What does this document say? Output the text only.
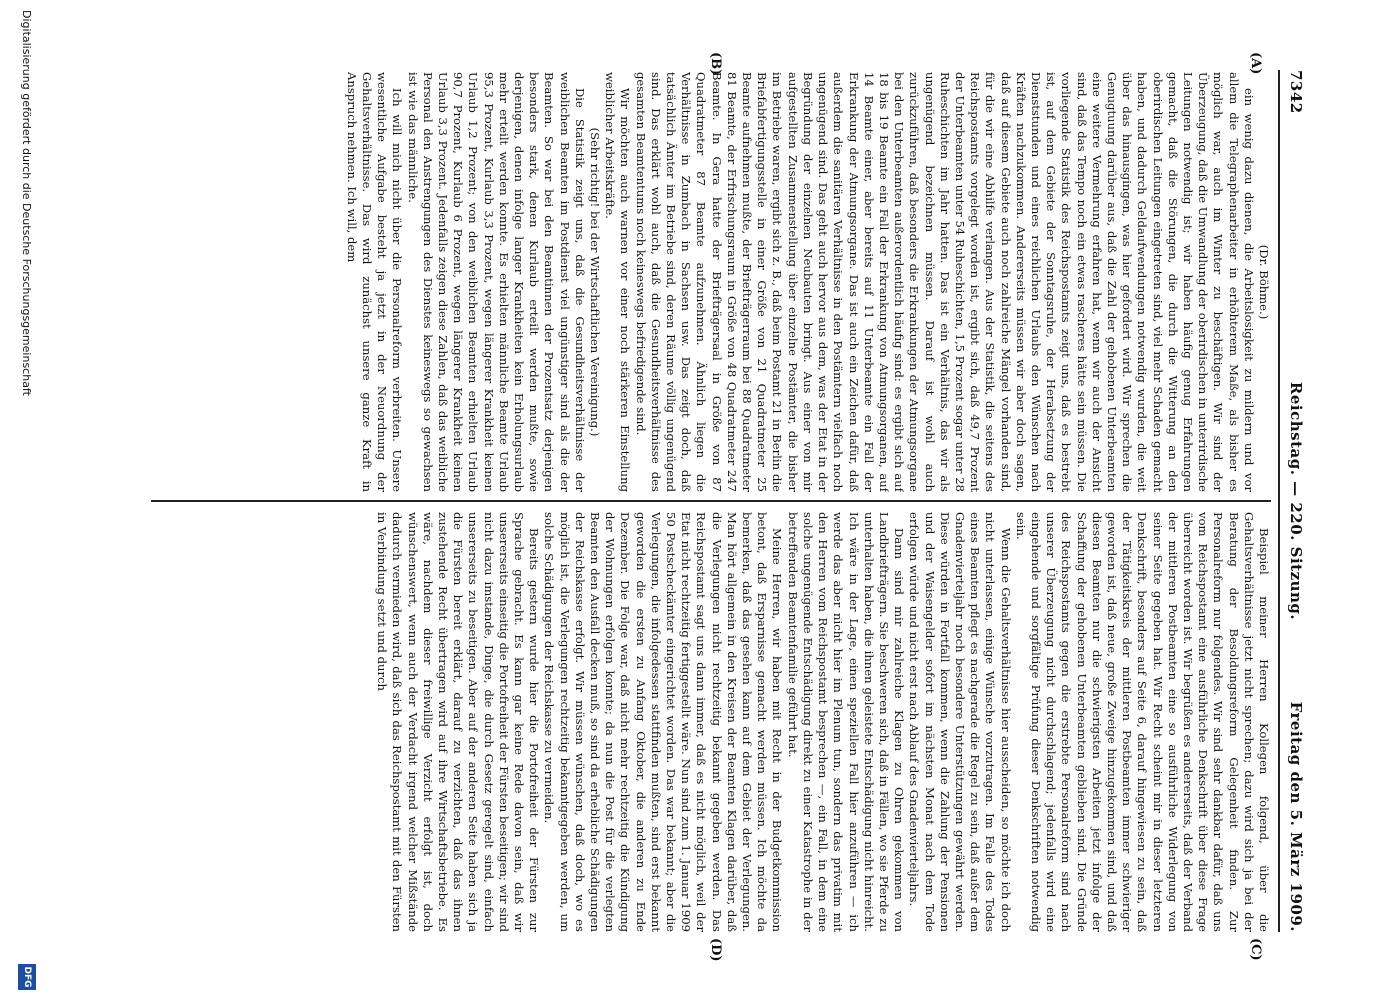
7342
Reichstag. — 220. Sitzung.
Freitag den 5. März 1909.
(A)
(B)
(C)
(D)

(Dr. Böhme.)

ein wenig dazu dienen, die Arbeitslosigkeit zu mildern und vor allem die Telegraphenarbeiter in erhöhterem Maße, als bisher es möglich war, auch im Winter zu beschäftigen. Wir sind der Überzeugung, daß die Umwandlung der oberirdischen in unterirdische Leitungen notwendig ist; wir haben häufig genug Erfahrungen gemacht, daß die Störungen, die durch die Witterung an den oberirdischen Leitungen eingetreten sind, viel mehr Schaden gemacht haben, und dadurch Geldaufwendungen notwendig wurden, die weit über das hinausgingen, was hier gefordert wird. Wir sprechen die Genugtuung darüber aus, daß die Zahl der gehobenen Unterbeamten eine weitere Vermehrung erfahren hat, wenn wir auch der Ansicht sind, daß das Tempo noch ein etwas rascheres hätte sein müssen. Die vorliegende Statistik des Reichspostamts zeigt uns, daß es bestrebt ist, auf dem Gebiete der Sonntagsruhe, der Herabsetzung der Dienststunden und eines reichlichen Urlaubs den Wünschen nach Kräften nachzukommen. Andererseits müssen wir aber doch sagen, daß auf diesem Gebiete auch noch zahlreiche Mängel vorhanden sind, für die wir eine Abhilfe verlangen. Aus der Statistik, die seitens des Reichspostamts vorgelegt worden ist, ergibt sich, daß 49,7 Prozent der Unterbeamten unter 54 Ruheschichten, 1,5 Prozent sogar unter 28 Ruheschichten im Jahr hatten. Das ist ein Verhältnis, das wir als ungenügend bezeichnen müssen. Darauf ist wohl auch zurückzuführen, daß besonders die Erkrankungen der Atmungsorgane bei den Unterbeamten außerordentlich häufig sind: es ergibt sich auf 18 bis 19 Beamte ein Fall der Erkrankung von Atmungsorganen, auf 14 Beamte einer, aber bereits auf 11 Unterbeamte ein Fall der Erkrankung der Atmungsorgane. Das ist auch ein Zeichen dafür, daß außerdem die sanitären Verhältnisse in den Postämtern vielfach noch ungenügend sind. Das geht auch hervor aus dem, was der Etat in der Begründung der einzelnen Neubauten bringt. Aus einer von mir aufgestellten Zusammenstellung über einzelne Postämter, die bisher im Betriebe waren, ergibt sich z. B., daß beim Postamt 21 in Berlin die Briefabfertigungsstelle in einer Größe von 21 Quadratmeter 25 Beamte aufnehmen mußte, der Briefträgerraum bei 88 Quadratmeter 81 Beamte, der Erfrischungsraum in Größe von 48 Quadratmeter 247 Beamte. In Gera hatte der Briefträgersaal in Größe von 87 Quadratmeter 87 Beamte aufzunehmen. Ähnlich liegen die Verhältnisse in Zumbach in Sachsen usw. Das zeigt doch, daß tatsächlich Ämter im Betriebe sind, deren Räume völlig ungenügend sind. Das erklärt wohl auch, daß die Gesundheitsverhältnisse des gesamten Beamtentums noch keineswegs befriedigende sind.

Wir möchten auch warnen vor einer noch stärkeren Einstellung weiblicher Arbeitskräfte.

(Sehr richtig! bei der Wirtschaftlichen Vereinigung.)

Die Statistik zeigt uns, daß die Gesundheitsverhältnisse der weiblichen Beamten im Postdienst viel ungünstiger sind als die der Beamten. So war bei den Beamtinnen der Prozentsatz derjenigen besonders stark, denen Kurlaub erteilt werden mußte, sowie derjenigen, denen infolge langer Krankheiten kein Erholungsurlaub mehr erteilt werden konnte. Es erhielten männliche Beamte Urlaub 95,3 Prozent, Kurlaub 3,3 Prozent, wegen längerer Krankheit keinen Urlaub 1,2 Prozent; von den weiblichen Beamten erhielten Urlaub 90,7 Prozent, Kurlaub 6 Prozent, wegen längerer Krankheit keinen Urlaub 3,3 Prozent. Jedenfalls zeigen diese Zahlen, daß das weibliche Personal den Anstrengungen des Dienstes keineswegs so gewachsen ist wie das männliche.

Ich will mich nicht über die Personalreform verbreiten. Unsere wesentliche Aufgabe besteht ja jetzt in der Neuordnung der Gehaltsverhältnisse. Das wird zunächst unsere ganze Kraft in Anspruch nehmen. Ich will, dem

Beispiel meiner Herren Kollegen folgend, über die Gehaltsverhältnisse jetzt nicht sprechen; dazu wird sich ja bei der Beratung der Besoldungsreform Gelegenheit finden. Zur Personalreform nur folgendes. Wir sind sehr dankbar dafür, daß uns vom Reichspostamt eine ausführliche Denkschrift über diese Frage überreicht worden ist. Wir begrüßen es andererseits, daß der Verband der mittleren Postbeamten eine so ausführliche Widerlegung von seiner Seite gegeben hat. Wir Recht scheint mir in dieser letzteren Denkschrift, besonders auf Seite 6, darauf hingewiesen zu sein, daß der Tätigkeitskreis der mittleren Postbeamten immer schwieriger geworden ist, daß neue, große Zweige hinzugekommen sind, und daß diesen Beamten nur die schwierigsten Arbeiten jetzt infolge der Schaffung der gehobenen Unterbeamten geblieben sind. Die Gründe des Reichspostamts gegen die erstrebte Personalreform sind nach unserer Überzeugung nicht durchschlagend; jedenfalls wird eine eingehende und sorgfältige Prüfung dieser Denkschriften notwendig sein.

Wenn die Gehaltsverhältnisse hier ausscheiden, so möchte ich doch nicht unterlassen, einige Wünsche vorzutragen. Im Falle des Todes eines Beamten pflegt es nachgerade die Regel zu sein, daß außer dem Gnadenvierteljahr noch besondere Unterstützungen gewährt werden. Diese würden in Fortfall kommen, wenn die Zahlung der Pensionen und der Waisengelder sofort im nächsten Monat nach dem Tode erfolgen würde und nicht erst nach Ablauf des Gnadenvierteljahrs.

Dann sind mir zahlreiche Klagen zu Ohren gekommen von Landbriefträgern. Sie beschweren sich, daß in Fällen, wo sie Pferde zu unterhalten haben, die ihnen geleistete Entschädigung nicht hinreicht. Ich wäre in der Lage, einen speziellen Fall hier anzuführen — ich werde das aber nicht hier im Plenum tun, sondern das privatim mit den Herren vom Reichspostamt besprechen —, ein Fall, in dem eine solche ungenügende Entschädigung direkt zu einer Katastrophe in der betreffenden Beamtenfamilie geführt hat.

Meine Herren, wir haben mit Recht in der Budgetkommission betont, daß Ersparnisse gemacht werden müssen. Ich möchte da bemerken, daß das gesehen kann auf dem Gebiet der Verlegungen. Man hört allgemein in den Kreisen der Beamten Klagen darüber, daß die Verlegungen nicht rechtzeitig bekannt gegeben werden. Das Reichspostamt sagt uns dann immer, daß es nicht möglich, weil der Etat nicht rechtzeitig fertiggestellt wäre. Nun sind zum 1. Januar 1909 50 Postscheckämter eingerichtet worden. Das war bekannt; aber die Verlegungen, die infolgedessen stattfinden mußten, sind erst bekannt geworden die ersten zu Anfang Oktober, die anderen zu Ende Dezember. Die Folge war, daß nicht mehr rechtzeitig die Kündigung der Wohnungen erfolgen konnte; da nun die Post für die verlegten Beamten den Ausfall decken muß, so sind da erhebliche Schädigungen der Reichskasse erfolgt. Wir müssen wünschen, daß doch, wo es möglich ist, die Verlegungen rechtzeitig bekanntgegeben werden, um solche Schädigungen der Reichskasse zu vermeiden.

Bereits gestern wurde hier die Portofreiheit der Fürsten zur Sprache gebracht. Es kann gar keine Rede davon sein, daß wir unsererseits einseitig die Portofreiheit der Fürsten beseitigen; wir sind nicht dazu imstande, Dinge, die durch Gesetz geregelt sind, einfach unsererseits zu beseitigen. Aber auf der anderen Seite haben sich ja die Fürsten bereit erklärt, darauf zu verzichten, daß das ihnen zustehende Recht übertragen wird auf ihre Wirtschaftsbetriebe. Es wäre, nachdem dieser freiwillige Verzicht erfolgt ist, doch wünschenswert, wenn auch der Verdacht irgend welcher Mißstände dadurch vermieden wird, daß sich das Reichspostamt mit den Fürsten in Verbindung setzt und durch

Digitalisierung gefördert durch die Deutsche Forschungsgemeinschaft
DFG
